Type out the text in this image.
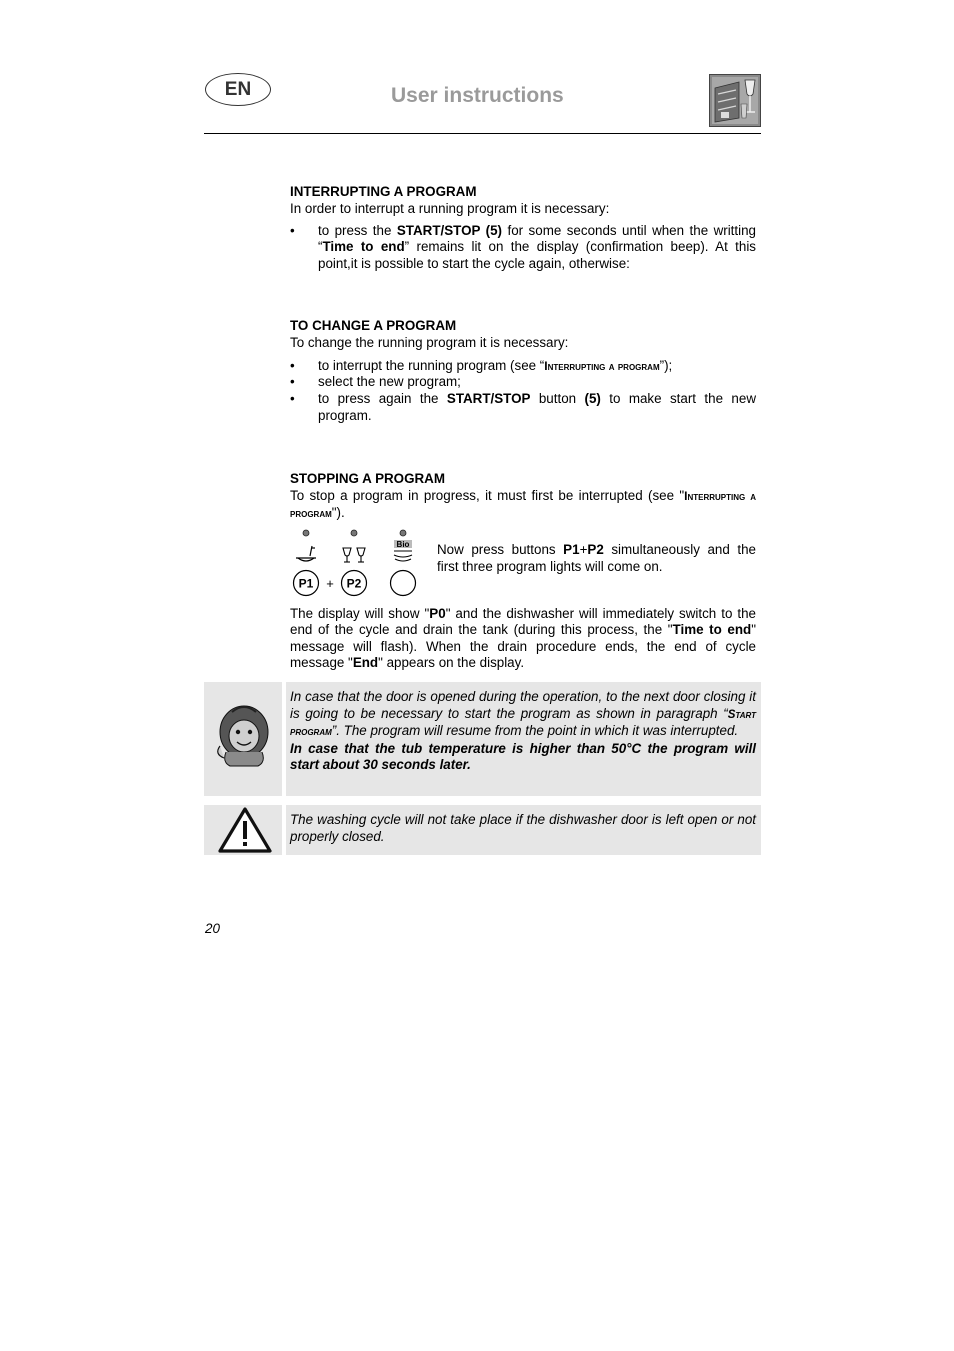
EN	User instructions
INTERRUPTING A PROGRAM
In order to interrupt a running program it is necessary:
• to press the START/STOP (5) for some seconds until when the writting “Time to end” remains lit on the display (confirmation beep). At this point,it is possible to start the cycle again, otherwise:
TO CHANGE A PROGRAM
To change the running program it is necessary:
• to interrupt the running program (see “Interrupting a program”);
• select the new program;
• to press again the START/STOP button (5) to make start the new program.
STOPPING A PROGRAM
To stop a program in progress, it must first be interrupted (see "Interrupting a program").
Bio
P1 + P2
Now press buttons P1+P2 simultaneously and the first three program lights will come on.
The display will show "P0" and the dishwasher will immediately switch to the end of the cycle and drain the tank (during this process, the "Time to end" message will flash). When the drain procedure ends, the end of cycle message "End" appears on the display.
In case that the door is opened during the operation, to the next door closing it is going to be necessary to start the program as shown in paragraph “Start program”. The program will resume from the point in which it was interrupted.
In case that the tub temperature is higher than 50°C the program will start about 30 seconds later.
The washing cycle will not take place if the dishwasher door is left open or not properly closed.
20
